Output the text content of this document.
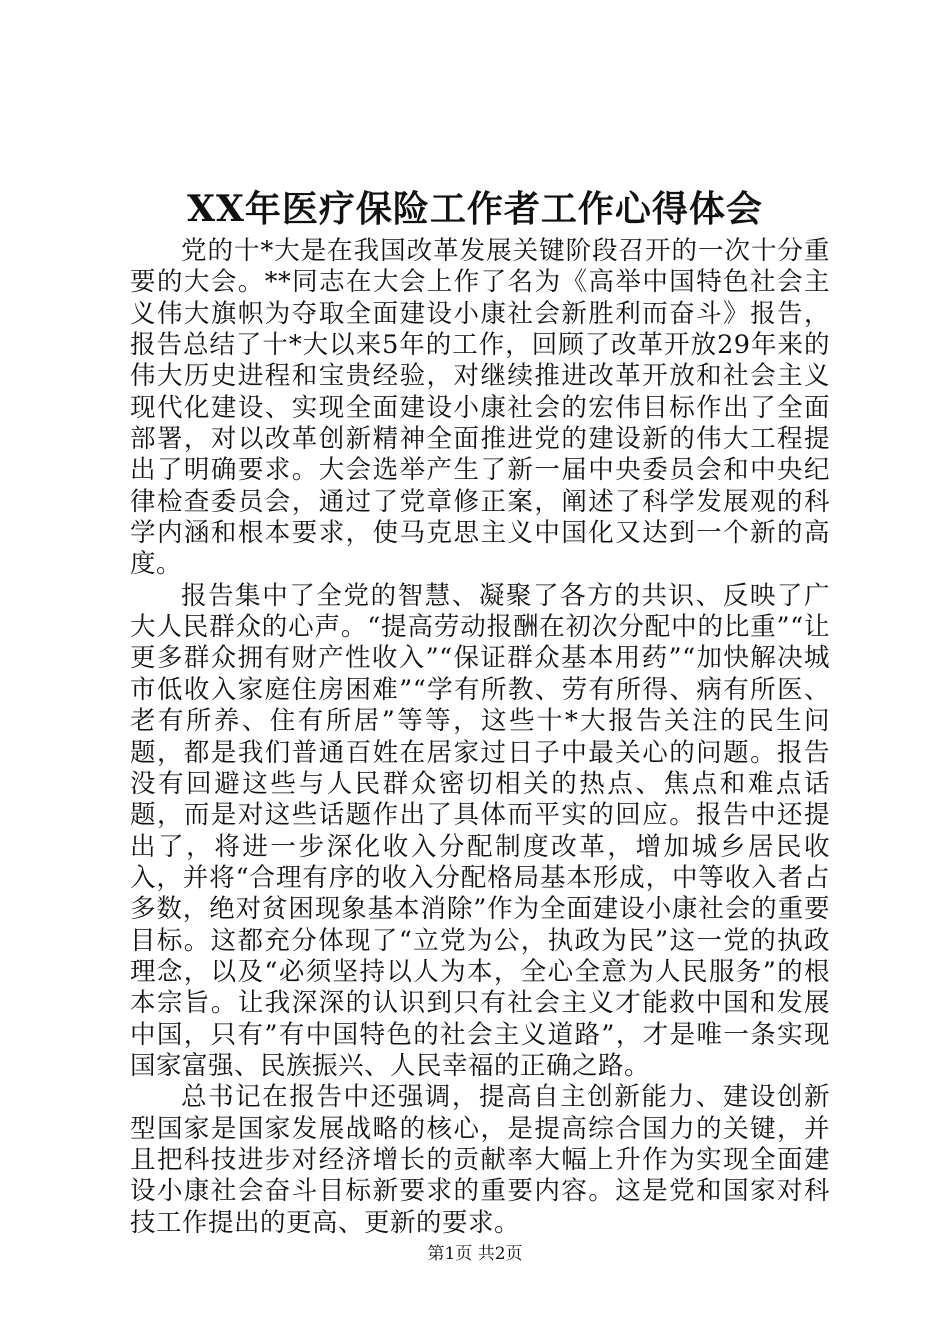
XX年医疗保险工作者工作心得体会

党的十*大是在我国改革发展关键阶段召开的一次十分重要的大会。**同志在大会上作了名为《高举中国特色社会主义伟大旗帜为夺取全面建设小康社会新胜利而奋斗》报告，报告总结了十*大以来5年的工作，回顾了改革开放29年来的伟大历史进程和宝贵经验，对继续推进改革开放和社会主义现代化建设、实现全面建设小康社会的宏伟目标作出了全面部署，对以改革创新精神全面推进党的建设新的伟大工程提出了明确要求。大会选举产生了新一届中央委员会和中央纪律检查委员会，通过了党章修正案，阐述了科学发展观的科学内涵和根本要求，使马克思主义中国化又达到一个新的高度。

报告集中了全党的智慧、凝聚了各方的共识、反映了广大人民群众的心声。“提高劳动报酬在初次分配中的比重”“让更多群众拥有财产性收入”“保证群众基本用药”“加快解决城市低收入家庭住房困难”“学有所教、劳有所得、病有所医、老有所养、住有所居”等等，这些十*大报告关注的民生问题，都是我们普通百姓在居家过日子中最关心的问题。报告没有回避这些与人民群众密切相关的热点、焦点和难点话题，而是对这些话题作出了具体而平实的回应。报告中还提出了，将进一步深化收入分配制度改革，增加城乡居民收入，并将“合理有序的收入分配格局基本形成，中等收入者占多数，绝对贫困现象基本消除”作为全面建设小康社会的重要目标。这都充分体现了“立党为公，执政为民”这一党的执政理念，以及“必须坚持以人为本，全心全意为人民服务”的根本宗旨。让我深深的认识到只有社会主义才能救中国和发展中国，只有”有中国特色的社会主义道路”，才是唯一条实现国家富强、民族振兴、人民幸福的正确之路。

总书记在报告中还强调，提高自主创新能力、建设创新型国家是国家发展战略的核心，是提高综合国力的关键，并且把科技进步对经济增长的贡献率大幅上升作为实现全面建设小康社会奋斗目标新要求的重要内容。这是党和国家对科技工作提出的更高、更新的要求。

第1页 共2页
